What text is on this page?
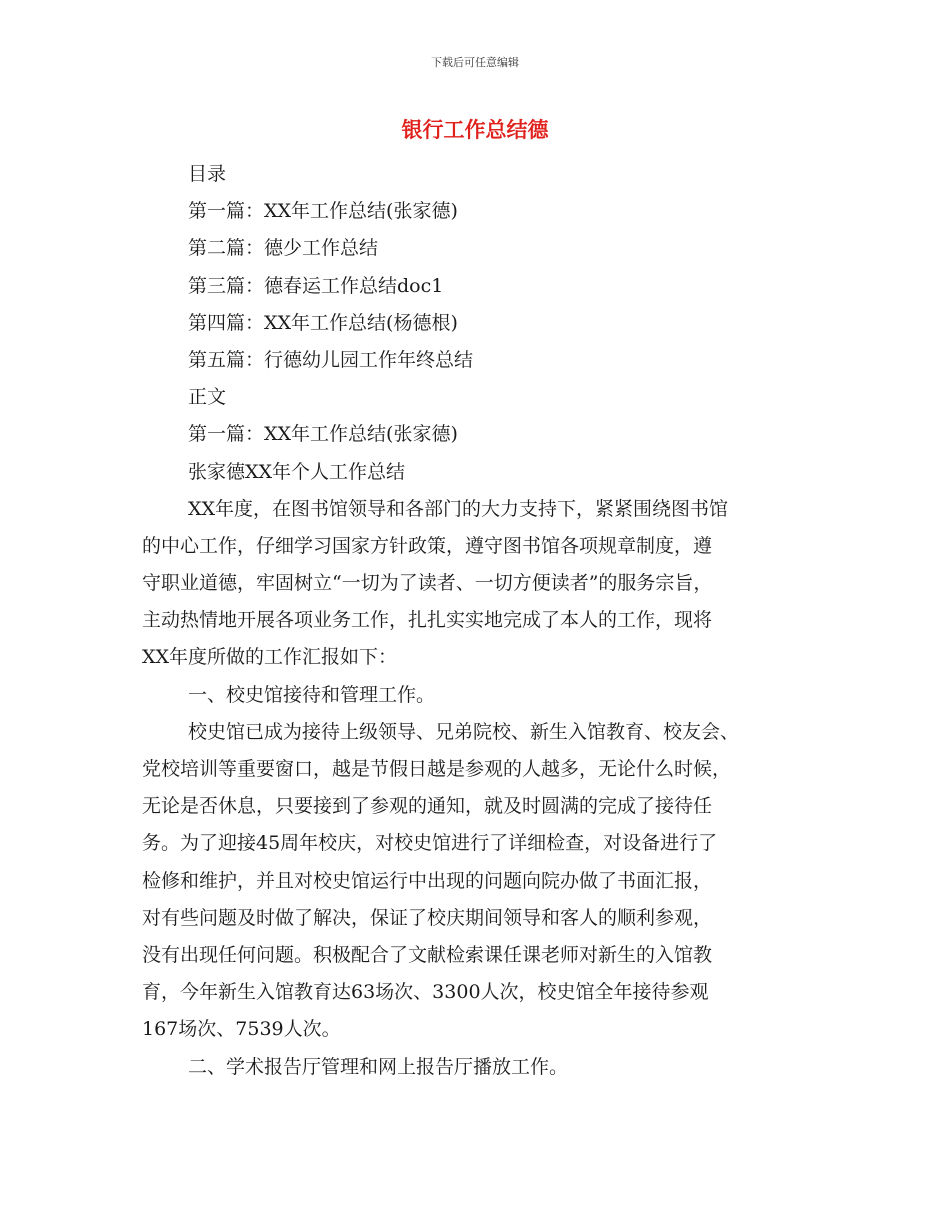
下载后可任意编辑
银行工作总结德
目录
第一篇：XX年工作总结(张家德)
第二篇：德少工作总结
第三篇：德春运工作总结doc1
第四篇：XX年工作总结(杨德根)
第五篇：行德幼儿园工作年终总结
正文
第一篇：XX年工作总结(张家德)
张家德XX年个人工作总结
XX年度，在图书馆领导和各部门的大力支持下，紧紧围绕图书馆
的中心工作，仔细学习国家方针政策，遵守图书馆各项规章制度，遵
守职业道德，牢固树立“一切为了读者、一切方便读者”的服务宗旨，
主动热情地开展各项业务工作，扎扎实实地完成了本人的工作，现将
XX年度所做的工作汇报如下：
一、校史馆接待和管理工作。
校史馆已成为接待上级领导、兄弟院校、新生入馆教育、校友会、
党校培训等重要窗口，越是节假日越是参观的人越多，无论什么时候，
无论是否休息，只要接到了参观的通知，就及时圆满的完成了接待任
务。为了迎接45周年校庆，对校史馆进行了详细检查，对设备进行了
检修和维护，并且对校史馆运行中出现的问题向院办做了书面汇报，
对有些问题及时做了解决，保证了校庆期间领导和客人的顺利参观，
没有出现任何问题。积极配合了文献检索课任课老师对新生的入馆教
育，今年新生入馆教育达63场次、3300人次，校史馆全年接待参观
167场次、7539人次。
二、学术报告厅管理和网上报告厅播放工作。
